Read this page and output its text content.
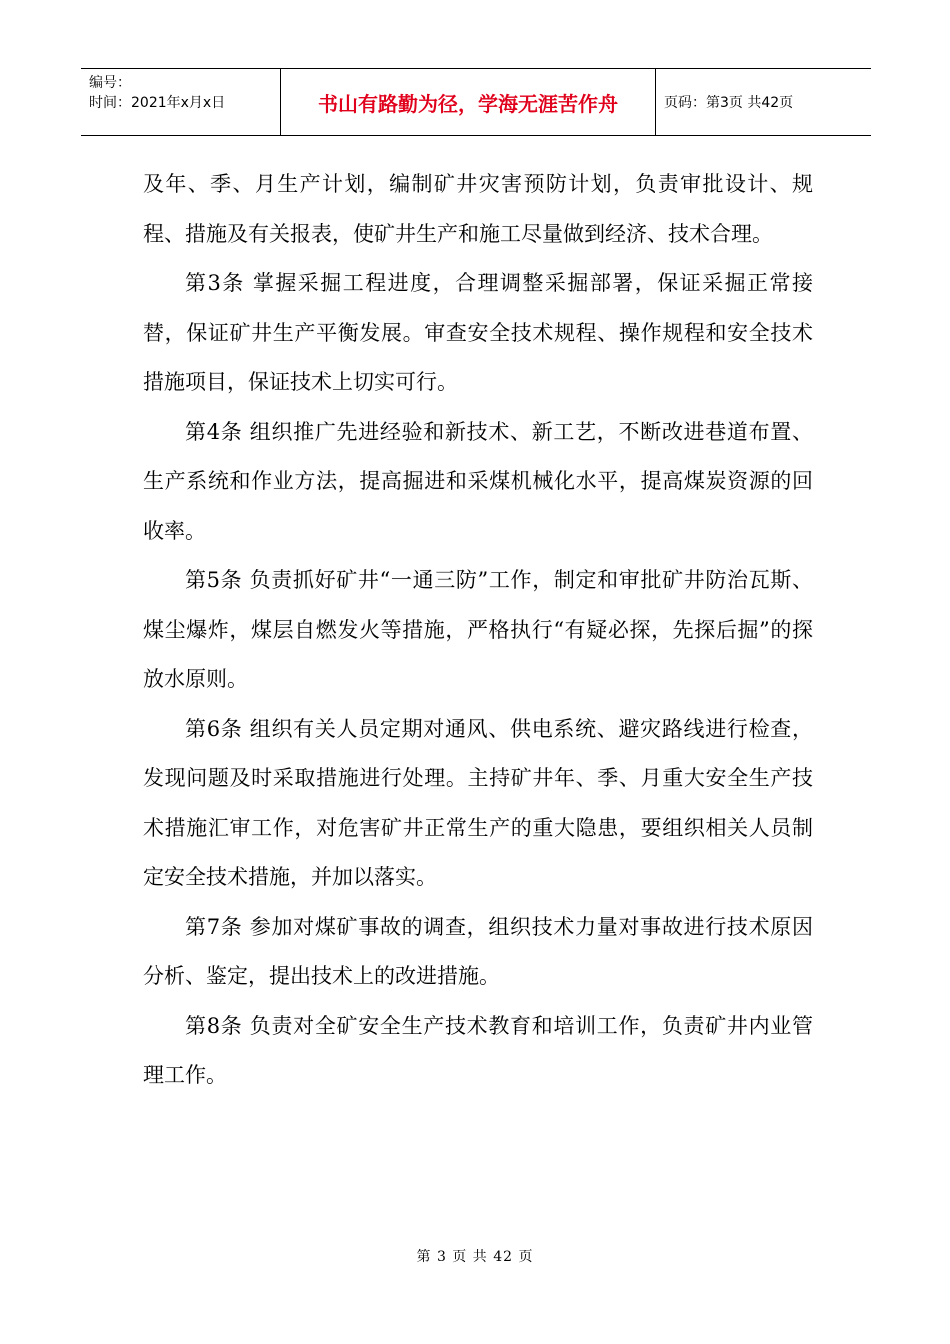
编号：
时间：2021年x月x日	书山有路勤为径，学海无涯苦作舟	页码：第3页 共42页

及年、季、月生产计划，编制矿井灾害预防计划，负责审批设计、规程、措施及有关报表，使矿井生产和施工尽量做到经济、技术合理。

第3条 掌握采掘工程进度，合理调整采掘部署，保证采掘正常接替，保证矿井生产平衡发展。审查安全技术规程、操作规程和安全技术措施项目，保证技术上切实可行。

第4条 组织推广先进经验和新技术、新工艺，不断改进巷道布置、生产系统和作业方法，提高掘进和采煤机械化水平，提高煤炭资源的回收率。

第5条 负责抓好矿井“一通三防”工作，制定和审批矿井防治瓦斯、煤尘爆炸，煤层自燃发火等措施，严格执行“有疑必探，先探后掘”的探放水原则。

第6条 组织有关人员定期对通风、供电系统、避灾路线进行检查，发现问题及时采取措施进行处理。主持矿井年、季、月重大安全生产技术措施汇审工作，对危害矿井正常生产的重大隐患，要组织相关人员制定安全技术措施，并加以落实。

第7条 参加对煤矿事故的调查，组织技术力量对事故进行技术原因分析、鉴定，提出技术上的改进措施。

第8条 负责对全矿安全生产技术教育和培训工作，负责矿井内业管理工作。

第 3 页 共 42 页
